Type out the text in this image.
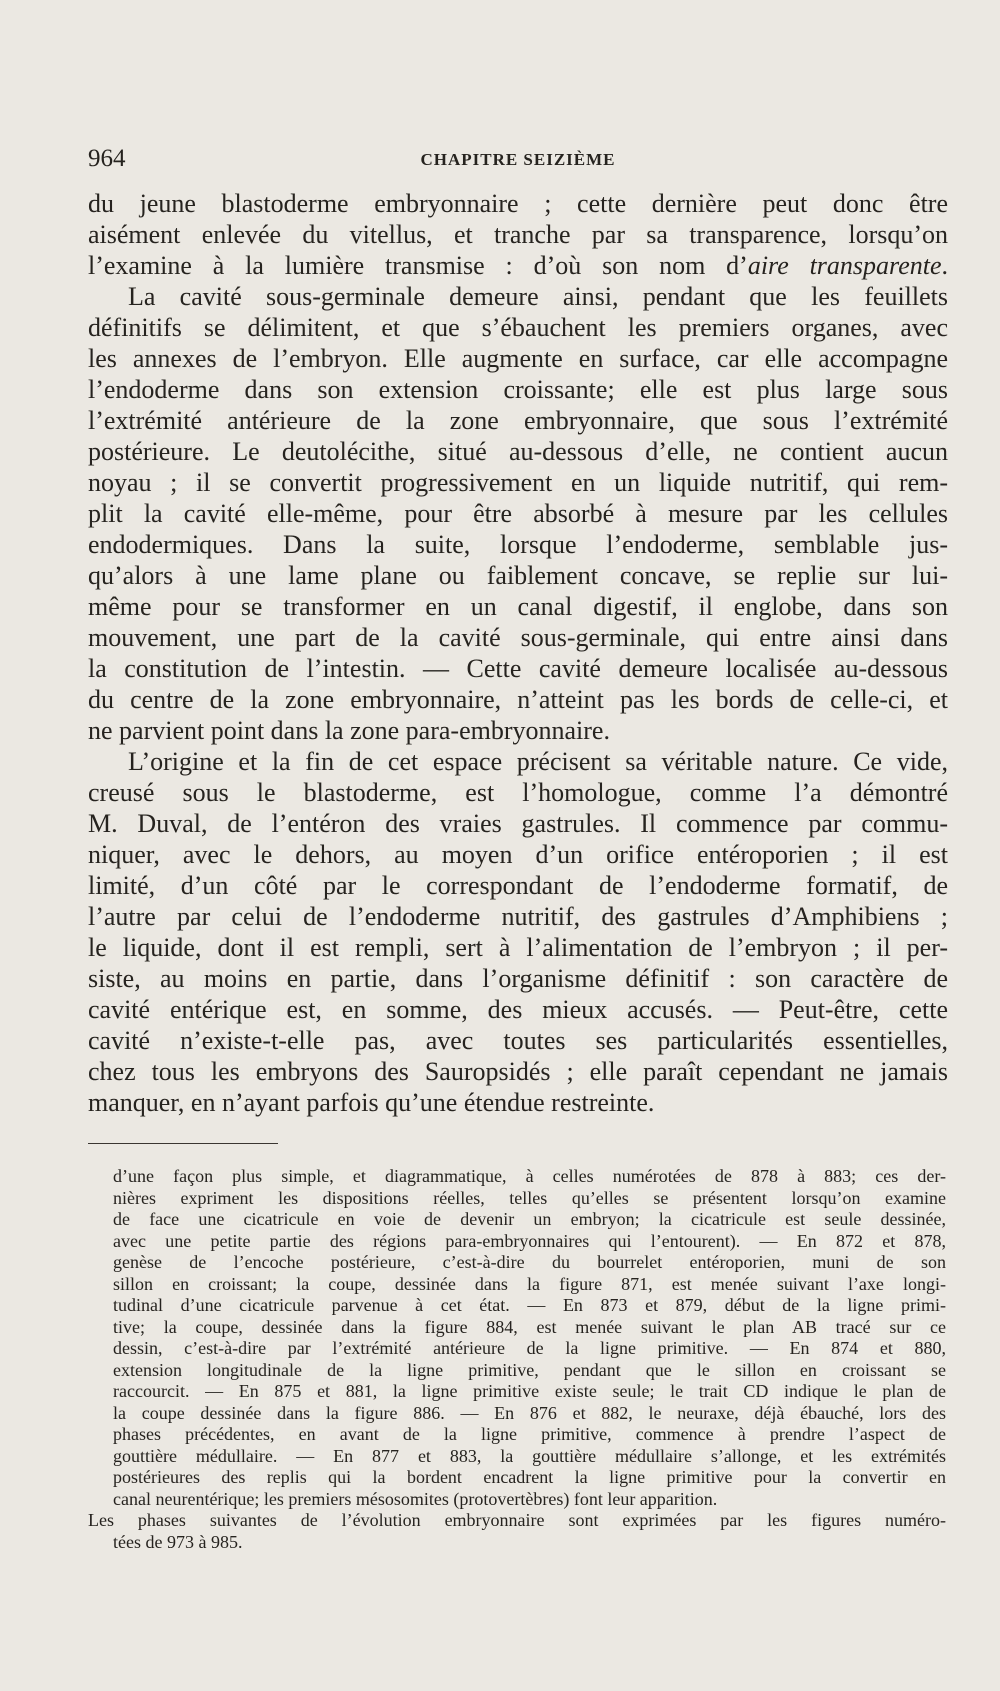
964	CHAPITRE SEIZIÈME
du jeune blastoderme embryonnaire ; cette dernière peut donc être
aisément enlevée du vitellus, et tranche par sa transparence, lorsqu’on
l’examine à la lumière transmise : d’où son nom d’aire transparente.
La cavité sous-germinale demeure ainsi, pendant que les feuillets
définitifs se délimitent, et que s’ébauchent les premiers organes, avec
les annexes de l’embryon. Elle augmente en surface, car elle accompagne
l’endoderme dans son extension croissante; elle est plus large sous
l’extrémité antérieure de la zone embryonnaire, que sous l’extrémité
postérieure. Le deutolécithe, situé au-dessous d’elle, ne contient aucun
noyau ; il se convertit progressivement en un liquide nutritif, qui rem-
plit la cavité elle-même, pour être absorbé à mesure par les cellules
endodermiques. Dans la suite, lorsque l’endoderme, semblable jus-
qu’alors à une lame plane ou faiblement concave, se replie sur lui-
même pour se transformer en un canal digestif, il englobe, dans son
mouvement, une part de la cavité sous-germinale, qui entre ainsi dans
la constitution de l’intestin. — Cette cavité demeure localisée au-dessous
du centre de la zone embryonnaire, n’atteint pas les bords de celle-ci, et
ne parvient point dans la zone para-embryonnaire.
L’origine et la fin de cet espace précisent sa véritable nature. Ce vide,
creusé sous le blastoderme, est l’homologue, comme l’a démontré
M. Duval, de l’entéron des vraies gastrules. Il commence par commu-
niquer, avec le dehors, au moyen d’un orifice entéroporien ; il est
limité, d’un côté par le correspondant de l’endoderme formatif, de
l’autre par celui de l’endoderme nutritif, des gastrules d’Amphibiens ;
le liquide, dont il est rempli, sert à l’alimentation de l’embryon ; il per-
siste, au moins en partie, dans l’organisme définitif : son caractère de
cavité entérique est, en somme, des mieux accusés. — Peut-être, cette
cavité n’existe-t-elle pas, avec toutes ses particularités essentielles,
chez tous les embryons des Sauropsidés ; elle paraît cependant ne jamais
manquer, en n’ayant parfois qu’une étendue restreinte.
d’une façon plus simple, et diagrammatique, à celles numérotées de 878 à 883; ces der-
nières expriment les dispositions réelles, telles qu’elles se présentent lorsqu’on examine
de face une cicatricule en voie de devenir un embryon; la cicatricule est seule dessinée,
avec une petite partie des régions para-embryonnaires qui l’entourent). — En 872 et 878,
genèse de l’encoche postérieure, c’est-à-dire du bourrelet entéroporien, muni de son
sillon en croissant; la coupe, dessinée dans la figure 871, est menée suivant l’axe longi-
tudinal d’une cicatricule parvenue à cet état. — En 873 et 879, début de la ligne primi-
tive; la coupe, dessinée dans la figure 884, est menée suivant le plan AB tracé sur ce
dessin, c’est-à-dire par l’extrémité antérieure de la ligne primitive. — En 874 et 880,
extension longitudinale de la ligne primitive, pendant que le sillon en croissant se
raccourcit. — En 875 et 881, la ligne primitive existe seule; le trait CD indique le plan de
la coupe dessinée dans la figure 886. — En 876 et 882, le neuraxe, déjà ébauché, lors des
phases précédentes, en avant de la ligne primitive, commence à prendre l’aspect de
gouttière médullaire. — En 877 et 883, la gouttière médullaire s’allonge, et les extrémités
postérieures des replis qui la bordent encadrent la ligne primitive pour la convertir en
canal neurentérique; les premiers mésosomites (protovertèbres) font leur apparition.
Les phases suivantes de l’évolution embryonnaire sont exprimées par les figures numéro-
tées de 973 à 985.
